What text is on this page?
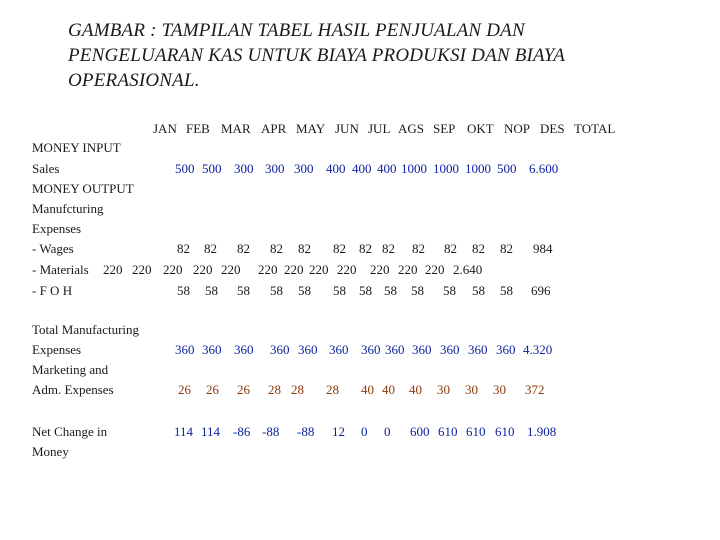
GAMBAR : TAMPILAN TABEL HASIL PENJUALAN DAN
PENGELUARAN KAS UNTUK BIAYA PRODUKSI DAN BIAYA
OPERASIONAL.
JAN FEB MAR APR MAY JUN JUL AGS SEP OKT NOP DES TOTAL
MONEY INPUT
Sales
MONEY OUTPUT
Manufcturing
Expenses
- Wages
- Materials
- F O H
Total Manufacturing
Expenses
Marketing and
Adm. Expenses
Net Change in
Money
500 500 300 300 300 400 400 400 1000 1000 1000 500 6.600
82 82 82 82 82 82 82 82 82 82 82 82 984
220 220 220 220 220 220 220 220 220 220 220 220 2.640
58 58 58 58 58 58 58 58 58 58 58 58 696
360 360 360 360 360 360 360 360 360 360 360 360 4.320
26 26 26 28 28 28 40 40 40 30 30 30 372
114 114 -86 -88 -88 12 0 0 600 610 610 610 1.908
